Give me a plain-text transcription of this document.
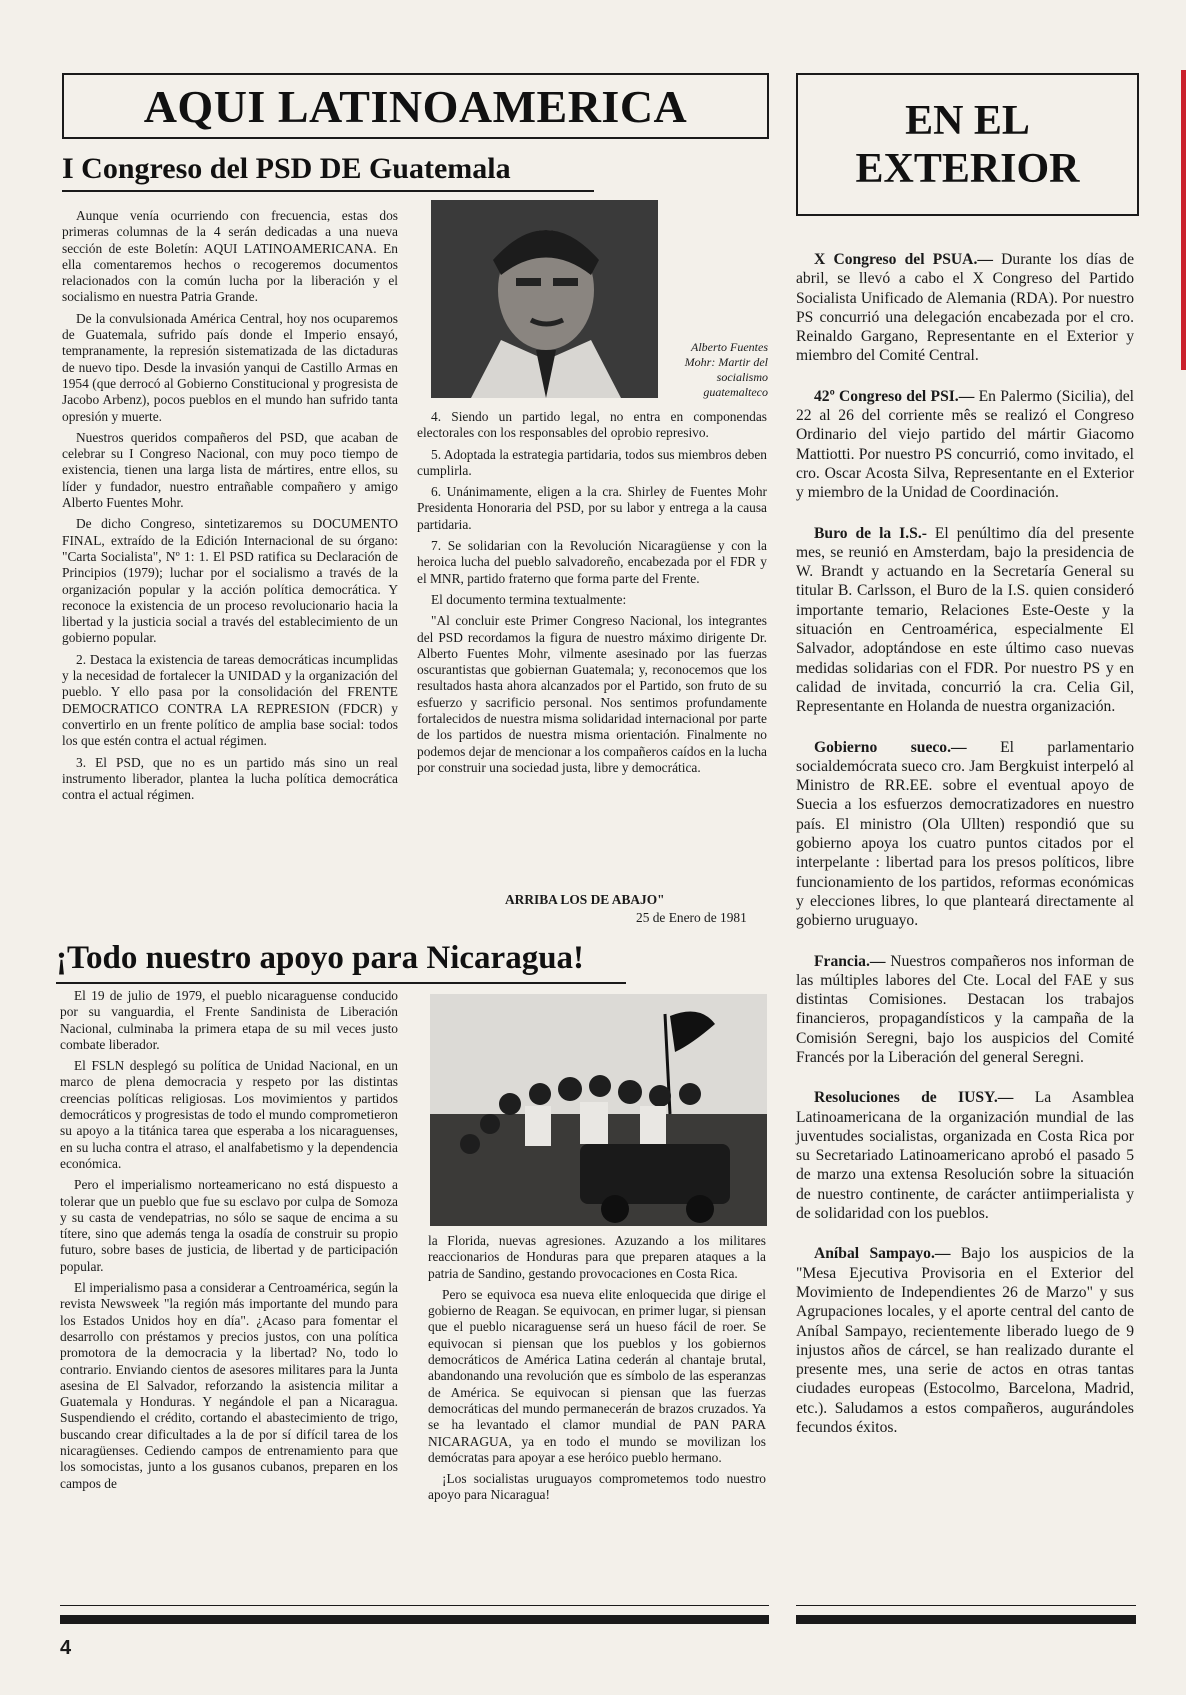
AQUI LATINOAMERICA	EN EL
EXTERIOR
I Congreso del PSD DE Guatemala

Aunque venía ocurriendo con frecuencia, estas dos primeras columnas de la 4 serán dedicadas a una nueva sección de este Boletín: AQUI LATINOAMERICANA. En ella comentaremos hechos o recogeremos documentos relacionados con la común lucha por la liberación y el socialismo en nuestra Patria Grande.

De la convulsionada América Central, hoy nos ocuparemos de Guatemala, sufrido país donde el Imperio ensayó, tempranamente, la represión sistematizada de las dictaduras de nuevo tipo. Desde la invasión yanqui de Castillo Armas en 1954 (que derrocó al Gobierno Constitucional y progresista de Jacobo Arbenz), pocos pueblos en el mundo han sufrido tanta opresión y muerte.

Nuestros queridos compañeros del PSD, que acaban de celebrar su I Congreso Nacional, con muy poco tiempo de existencia, tienen una larga lista de mártires, entre ellos, su líder y fundador, nuestro entrañable compañero y amigo Alberto Fuentes Mohr.

De dicho Congreso, sintetizaremos su DOCUMENTO FINAL, extraído de la Edición Internacional de su órgano: "Carta Socialista", Nº 1: 1. El PSD ratifica su Declaración de Principios (1979); luchar por el socialismo a través de la organización popular y la acción política democrática. Y reconoce la existencia de un proceso revolucionario hacia la libertad y la justicia social a través del establecimiento de un gobierno popular.

2. Destaca la existencia de tareas democráticas incumplidas y la necesidad de fortalecer la UNIDAD y la organización del pueblo. Y ello pasa por la consolidación del FRENTE DEMOCRATICO CONTRA LA REPRESION (FDCR) y convertirlo en un frente político de amplia base social: todos los que estén contra el actual régimen.

3. El PSD, que no es un partido más sino un real instrumento liberador, plantea la lucha política democrática contra el actual régimen.

Alberto Fuentes Mohr: Martir del socialismo guatemalteco

4. Siendo un partido legal, no entra en componendas electorales con los responsables del oprobio represivo.

5. Adoptada la estrategia partidaria, todos sus miembros deben cumplirla.

6. Unánimamente, eligen a la cra. Shirley de Fuentes Mohr Presidenta Honoraria del PSD, por su labor y entrega a la causa partidaria.

7. Se solidarian con la Revolución Nicaragüense y con la heroica lucha del pueblo salvadoreño, encabezada por el FDR y el MNR, partido fraterno que forma parte del Frente.

El documento termina textualmente:

"Al concluir este Primer Congreso Nacional, los integrantes del PSD recordamos la figura de nuestro máximo dirigente Dr. Alberto Fuentes Mohr, vilmente asesinado por las fuerzas oscurantistas que gobiernan Guatemala; y, reconocemos que los resultados hasta ahora alcanzados por el Partido, son fruto de su esfuerzo y sacrificio personal. Nos sentimos profundamente fortalecidos de nuestra misma solidaridad internacional por parte de los partidos de nuestra misma orientación. Finalmente no podemos dejar de mencionar a los compañeros caídos en la lucha por construir una sociedad justa, libre y democrática.

ARRIBA LOS DE ABAJO"
25 de Enero de 1981
¡Todo nuestro apoyo para Nicaragua!

El 19 de julio de 1979, el pueblo nicaraguense conducido por su vanguardia, el Frente Sandinista de Liberación Nacional, culminaba la primera etapa de su mil veces justo combate liberador.

El FSLN desplegó su política de Unidad Nacional, en un marco de plena democracia y respeto por las distintas creencias políticas religiosas. Los movimientos y partidos democráticos y progresistas de todo el mundo comprometieron su apoyo a la titánica tarea que esperaba a los nicaraguenses, en su lucha contra el atraso, el analfabetismo y la dependencia económica.

Pero el imperialismo norteamericano no está dispuesto a tolerar que un pueblo que fue su esclavo por culpa de Somoza y su casta de vendepatrias, no sólo se saque de encima a su títere, sino que además tenga la osadía de construir su propio futuro, sobre bases de justicia, de libertad y de participación popular.

El imperialismo pasa a considerar a Centroamérica, según la revista Newsweek "la región más importante del mundo para los Estados Unidos hoy en día". ¿Acaso para fomentar el desarrollo con préstamos y precios justos, con una política promotora de la democracia y la libertad? No, todo lo contrario. Enviando cientos de asesores militares para la Junta asesina de El Salvador, reforzando la asistencia militar a Guatemala y Honduras. Y negándole el pan a Nicaragua. Suspendiendo el crédito, cortando el abastecimiento de trigo, buscando crear dificultades a la de por sí difícil tarea de los nicaragüenses. Cediendo campos de entrenamiento para que los somocistas, junto a los gusanos cubanos, preparen en los campos de

la Florida, nuevas agresiones. Azuzando a los militares reaccionarios de Honduras para que preparen ataques a la patria de Sandino, gestando provocaciones en Costa Rica.

Pero se equivoca esa nueva elite enloquecida que dirige el gobierno de Reagan. Se equivocan, en primer lugar, si piensan que el pueblo nicaraguense será un hueso fácil de roer. Se equivocan si piensan que los pueblos y los gobiernos democráticos de América Latina cederán al chantaje brutal, abandonando una revolución que es símbolo de las esperanzas de América. Se equivocan si piensan que las fuerzas democráticas del mundo permanecerán de brazos cruzados. Ya se ha levantado el clamor mundial de PAN PARA NICARAGUA, ya en todo el mundo se movilizan los demócratas para apoyar a ese heróico pueblo hermano.

¡Los socialistas uruguayos comprometemos todo nuestro apoyo para Nicaragua!

X Congreso del PSUA.— Durante los días de abril, se llevó a cabo el X Congreso del Partido Socialista Unificado de Alemania (RDA). Por nuestro PS concurrió una delegación encabezada por el cro. Reinaldo Gargano, Representante en el Exterior y miembro del Comité Central.

42º Congreso del PSI.— En Palermo (Sicilia), del 22 al 26 del corriente mês se realizó el Congreso Ordinario del viejo partido del mártir Giacomo Mattiotti. Por nuestro PS concurrió, como invitado, el cro. Oscar Acosta Silva, Representante en el Exterior y miembro de la Unidad de Coordinación.

Buro de la I.S.- El penúltimo día del presente mes, se reunió en Amsterdam, bajo la presidencia de W. Brandt y actuando en la Secretaría General su titular B. Carlsson, el Buro de la I.S. quien consideró importante temario, Relaciones Este-Oeste y la situación en Centroamérica, especialmente El Salvador, adoptándose en este último caso nuevas medidas solidarias con el FDR. Por nuestro PS y en calidad de invitada, concurrió la cra. Celia Gil, Representante en Holanda de nuestra organización.

Gobierno sueco.— El parlamentario socialdemócrata sueco cro. Jam Bergkuist interpeló al Ministro de RR.EE. sobre el eventual apoyo de Suecia a los esfuerzos democratizadores en nuestro país. El ministro (Ola Ullten) respondió que su gobierno apoya los cuatro puntos citados por el interpelante : libertad para los presos políticos, libre funcionamiento de los partidos, reformas económicas y elecciones libres, lo que planteará directamente al gobierno uruguayo.

Francia.— Nuestros compañeros nos informan de las múltiples labores del Cte. Local del FAE y sus distintas Comisiones. Destacan los trabajos financieros, propagandísticos y la campaña de la Comisión Seregni, bajo los auspicios del Comité Francés por la Liberación del general Seregni.

Resoluciones de IUSY.— La Asamblea Latinoamericana de la organización mundial de las juventudes socialistas, organizada en Costa Rica por su Secretariado Latinoamericano aprobó el pasado 5 de marzo una extensa Resolución sobre la situación de nuestro continente, de carácter antiimperialista y de solidaridad con los pueblos.

Aníbal Sampayo.— Bajo los auspicios de la "Mesa Ejecutiva Provisoria en el Exterior del Movimiento de Independientes 26 de Marzo" y sus Agrupaciones locales, y el aporte central del canto de Aníbal Sampayo, recientemente liberado luego de 9 injustos años de cárcel, se han realizado durante el presente mes, una serie de actos en otras tantas ciudades europeas (Estocolmo, Barcelona, Madrid, etc.). Saludamos a estos compañeros, augurándoles fecundos éxitos.

4
